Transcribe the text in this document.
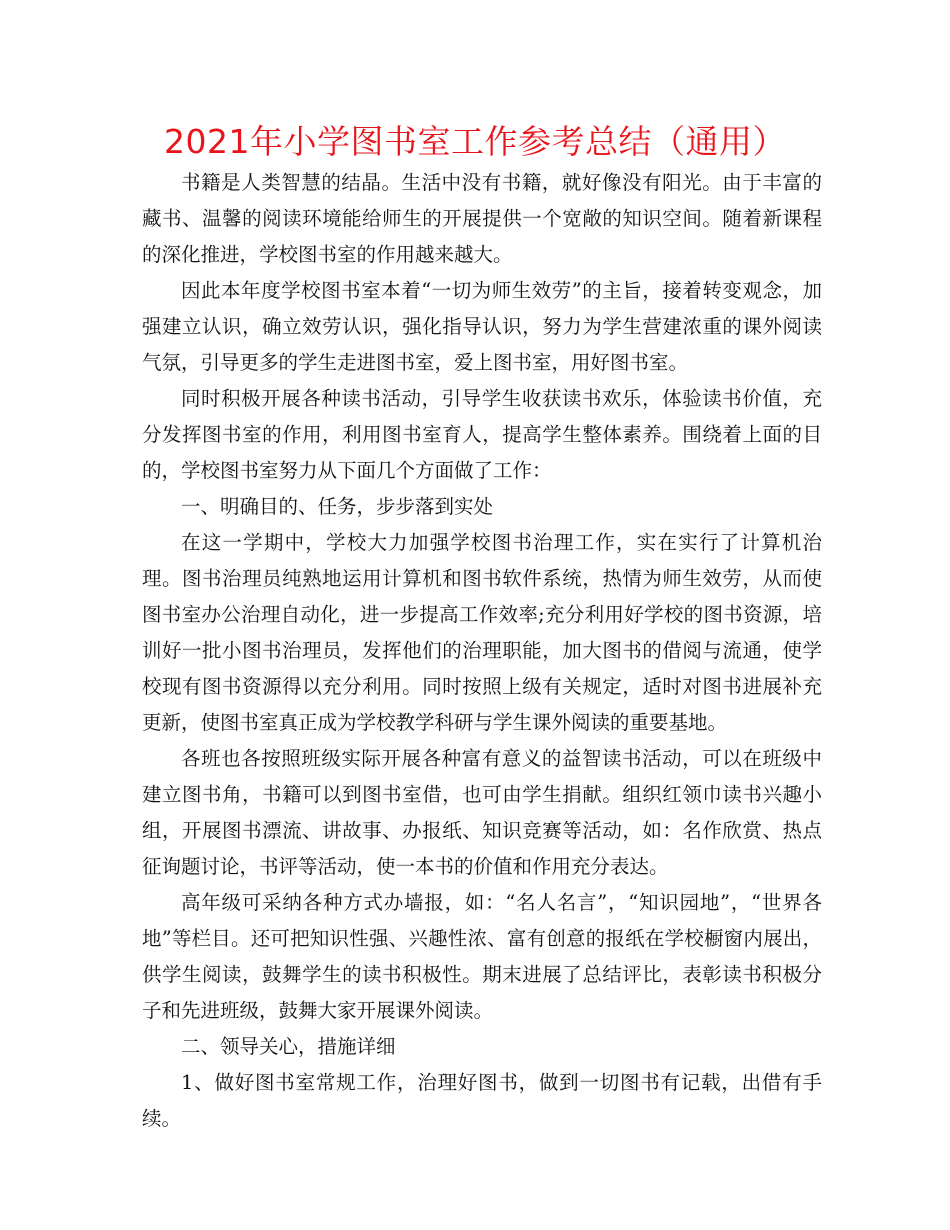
2021年小学图书室工作参考总结（通用）

书籍是人类智慧的结晶。生活中没有书籍，就好像没有阳光。由于丰富的藏书、温馨的阅读环境能给师生的开展提供一个宽敞的知识空间。随着新课程的深化推进，学校图书室的作用越来越大。

因此本年度学校图书室本着“一切为师生效劳”的主旨，接着转变观念，加强建立认识，确立效劳认识，强化指导认识，努力为学生营建浓重的课外阅读气氛，引导更多的学生走进图书室，爱上图书室，用好图书室。

同时积极开展各种读书活动，引导学生收获读书欢乐，体验读书价值，充分发挥图书室的作用，利用图书室育人，提高学生整体素养。围绕着上面的目的，学校图书室努力从下面几个方面做了工作：

一、明确目的、任务，步步落到实处

在这一学期中，学校大力加强学校图书治理工作，实在实行了计算机治理。图书治理员纯熟地运用计算机和图书软件系统，热情为师生效劳，从而使图书室办公治理自动化，进一步提高工作效率;充分利用好学校的图书资源，培训好一批小图书治理员，发挥他们的治理职能，加大图书的借阅与流通，使学校现有图书资源得以充分利用。同时按照上级有关规定，适时对图书进展补充更新，使图书室真正成为学校教学科研与学生课外阅读的重要基地。

各班也各按照班级实际开展各种富有意义的益智读书活动，可以在班级中建立图书角，书籍可以到图书室借，也可由学生捐献。组织红领巾读书兴趣小组，开展图书漂流、讲故事、办报纸、知识竞赛等活动，如：名作欣赏、热点征询题讨论，书评等活动，使一本书的价值和作用充分表达。

高年级可采纳各种方式办墙报，如：“名人名言”，“知识园地”，“世界各地”等栏目。还可把知识性强、兴趣性浓、富有创意的报纸在学校橱窗内展出，供学生阅读，鼓舞学生的读书积极性。期末进展了总结评比，表彰读书积极分子和先进班级，鼓舞大家开展课外阅读。

二、领导关心，措施详细

1、做好图书室常规工作，治理好图书，做到一切图书有记载，出借有手续。
